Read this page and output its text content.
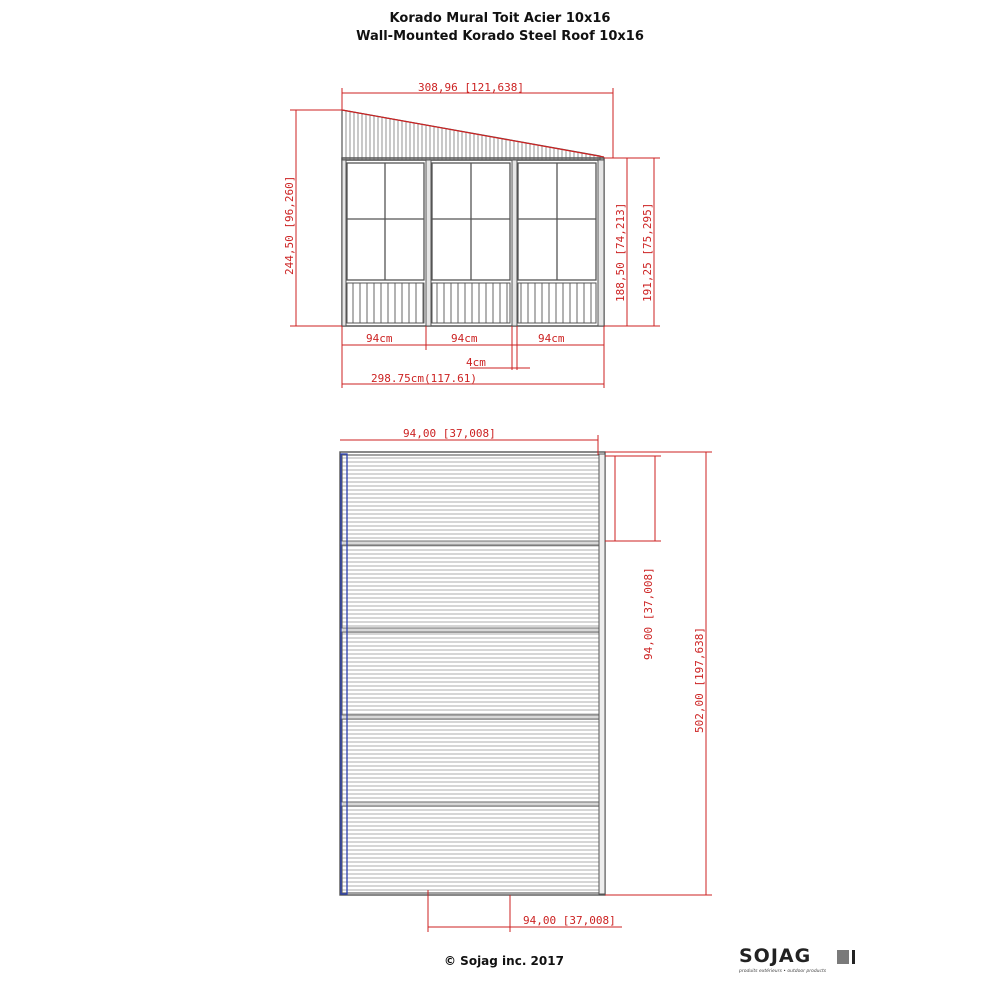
Korado Mural Toit Acier 10x16
Wall-Mounted Korado Steel Roof 10x16
308,96 [121,638]
244,50 [96,260]	188,50 [74,213] 191,25 [75,295]
94cm	94cm	94cm
4cm
298.75cm(117.61)
94,00 [37,008]
94,00 [37,008]
502,00 [197,638]
94,00 [37,008]
© Sojag inc. 2017	SOJAG
produits extérieurs • outdoor products
